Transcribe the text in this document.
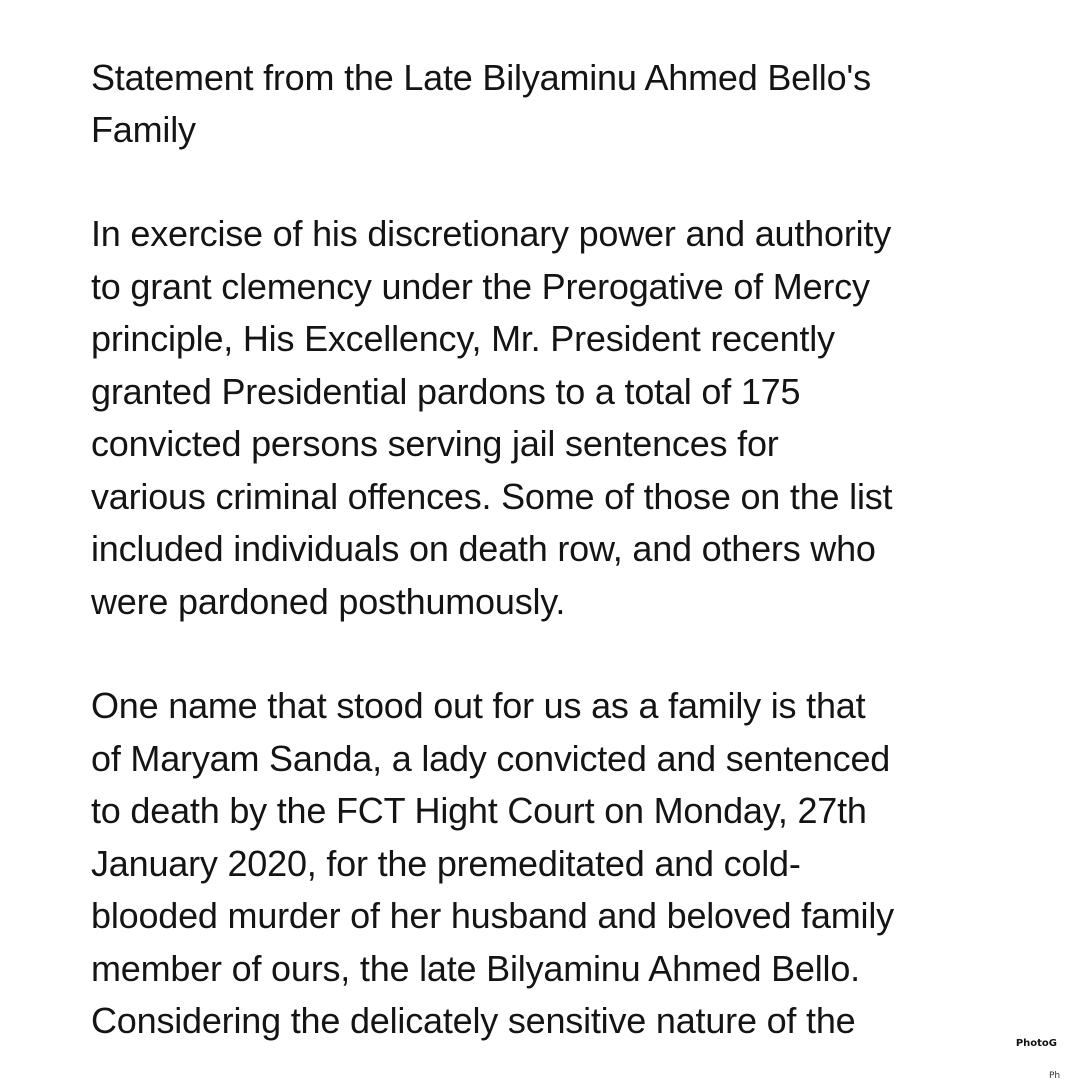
Statement from the Late Bilyaminu Ahmed Bello's
Family

In exercise of his discretionary power and authority
to grant clemency under the Prerogative of Mercy
principle, His Excellency, Mr. President recently
granted Presidential pardons to a total of 175
convicted persons serving jail sentences for
various criminal offences. Some of those on the list
included individuals on death row, and others who
were pardoned posthumously.

One name that stood out for us as a family is that
of Maryam Sanda, a lady convicted and sentenced
to death by the FCT Hight Court on Monday, 27th
January 2020, for the premeditated and cold-
blooded murder of her husband and beloved family
member of ours, the late Bilyaminu Ahmed Bello.
Considering the delicately sensitive nature of the

PhotoG
Ph
